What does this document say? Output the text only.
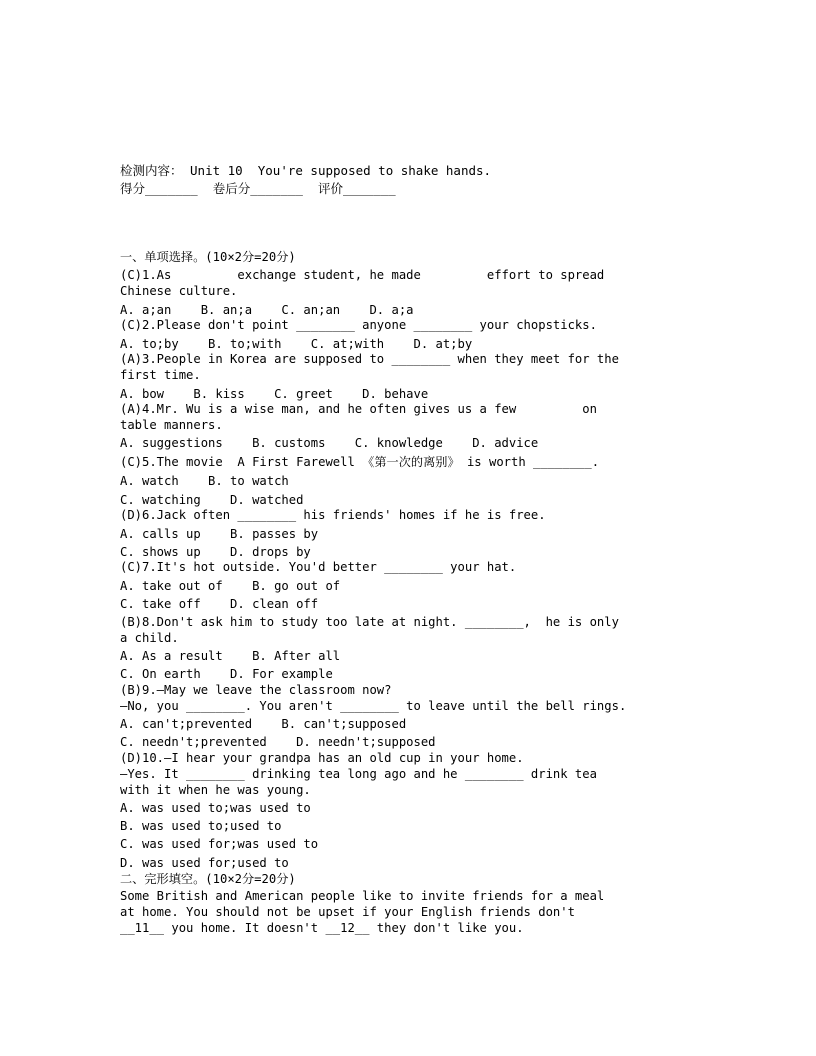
检测内容： Unit 10  You're supposed to shake hands.
得分_______  卷后分_______  评价_______
一、单项选择。(10×2分=20分)
(C)1.As         exchange student, he made         effort to spread
Chinese culture.
A. a;an    B. an;a    C. an;an    D. a;a
(C)2.Please don't point ________ anyone ________ your chopsticks.
A. to;by    B. to;with    C. at;with    D. at;by
(A)3.People in Korea are supposed to ________ when they meet for the
first time.
A. bow    B. kiss    C. greet    D. behave
(A)4.Mr. Wu is a wise man, and he often gives us a few         on
table manners.
A. suggestions    B. customs    C. knowledge    D. advice
(C)5.The movie  A First Farewell 《第一次的离别》 is worth ________.
A. watch    B. to watch
C. watching    D. watched
(D)6.Jack often ________ his friends' homes if he is free.
A. calls up    B. passes by
C. shows up    D. drops by
(C)7.It's hot outside. You'd better ________ your hat.
A. take out of    B. go out of
C. take off    D. clean off
(B)8.Don't ask him to study too late at night. ________,  he is only
a child.
A. As a result    B. After all
C. On earth    D. For example
(B)9.—May we leave the classroom now?
—No, you ________. You aren't ________ to leave until the bell rings.
A. can't;prevented    B. can't;supposed
C. needn't;prevented    D. needn't;supposed
(D)10.—I hear your grandpa has an old cup in your home.
—Yes. It ________ drinking tea long ago and he ________ drink tea
with it when he was young.
A. was used to;was used to
B. was used to;used to
C. was used for;was used to
D. was used for;used to
二、完形填空。(10×2分=20分)
Some British and American people like to invite friends for a meal
at home. You should not be upset if your English friends don't
__11__ you home. It doesn't __12__ they don't like you.
